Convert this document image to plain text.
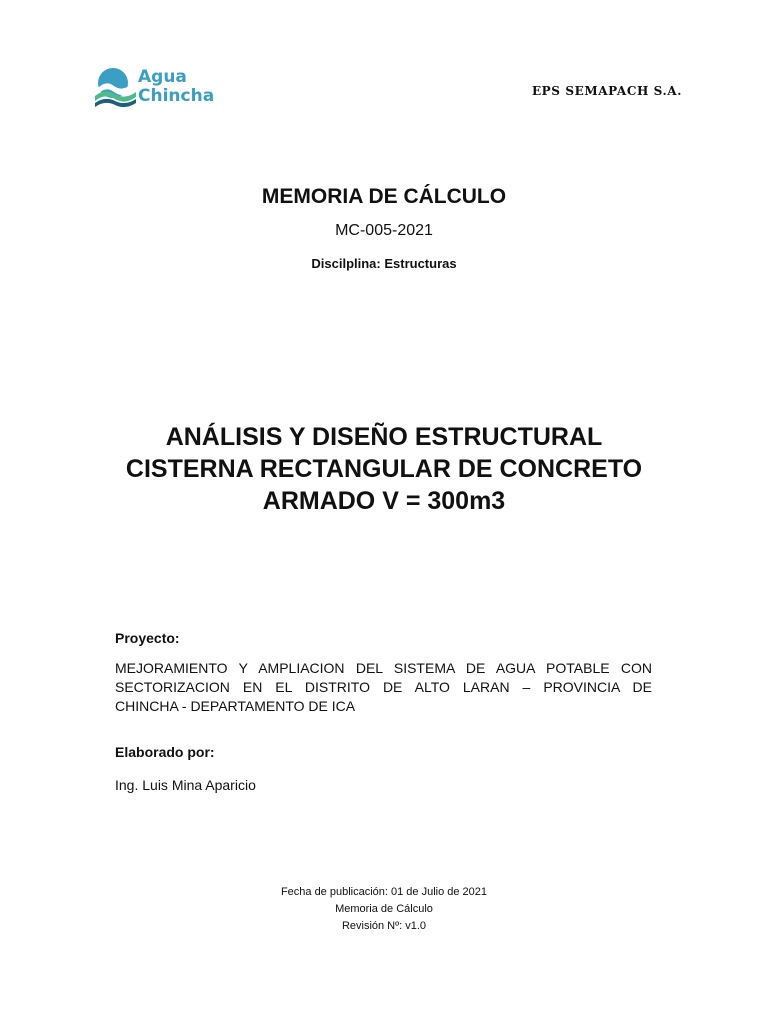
Agua
Chincha	EPS SEMAPACH S.A.
MEMORIA DE CÁLCULO
MC-005-2021
Discilplina: Estructuras
ANÁLISIS Y DISEÑO ESTRUCTURAL
CISTERNA RECTANGULAR DE CONCRETO
ARMADO V = 300m3
Proyecto:
MEJORAMIENTO Y AMPLIACION DEL SISTEMA DE AGUA POTABLE CON
SECTORIZACION EN EL DISTRITO DE ALTO LARAN – PROVINCIA DE
CHINCHA - DEPARTAMENTO DE ICA
Elaborado por:
Ing. Luis Mina Aparicio
Fecha de publicación: 01 de Julio de 2021
Memoria de Cálculo
Revisión Nº: v1.0
